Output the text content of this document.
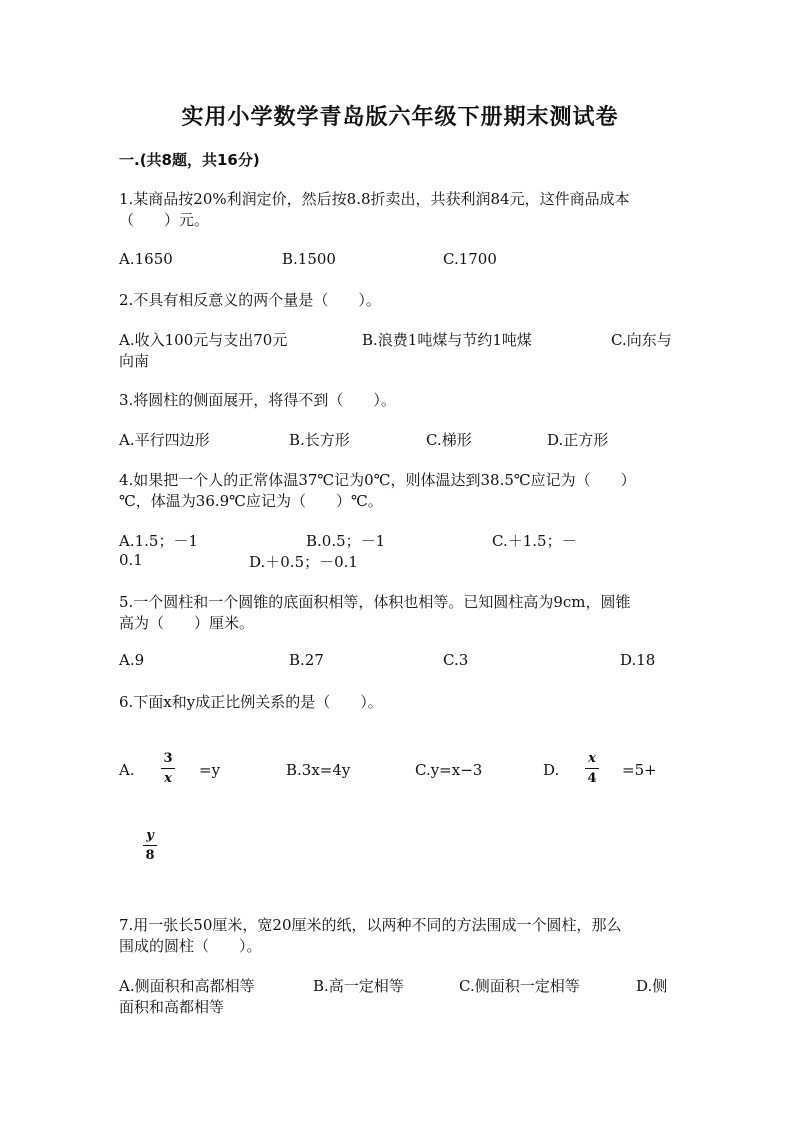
实用小学数学青岛版六年级下册期末测试卷
一.(共8题，共16分)
1.某商品按20%利润定价，然后按8.8折卖出，共获利润84元，这件商品成本
（　　）元。
A.1650	B.1500	C.1700
2.不具有相反意义的两个量是（　　）。
A.收入100元与支出70元	B.浪费1吨煤与节约1吨煤	C.向东与
向南
3.将圆柱的侧面展开，将得不到（　　）。
A.平行四边形	B.长方形	C.梯形	D.正方形
4.如果把一个人的正常体温37℃记为0℃，则体温达到38.5℃应记为（　　）
℃，体温为36.9℃应记为（　　）℃。
A.1.5；－1	B.0.5；－1	C.＋1.5；－
0.1	D.＋0.5；－0.1
5.一个圆柱和一个圆锥的底面积相等，体积也相等。已知圆柱高为9cm，圆锥
高为（　　）厘米。
A.9	B.27	C.3	D.18
6.下面x和y成正比例关系的是（　　）。
A.
3
x =y	B.3x=4y	C.y=x−3	D.
x
4 =5+
y
8
7.用一张长50厘米，宽20厘米的纸，以两种不同的方法围成一个圆柱，那么
围成的圆柱（　　）。
A.侧面积和高都相等	B.高一定相等	C.侧面积一定相等	D.侧
面积和高都相等
